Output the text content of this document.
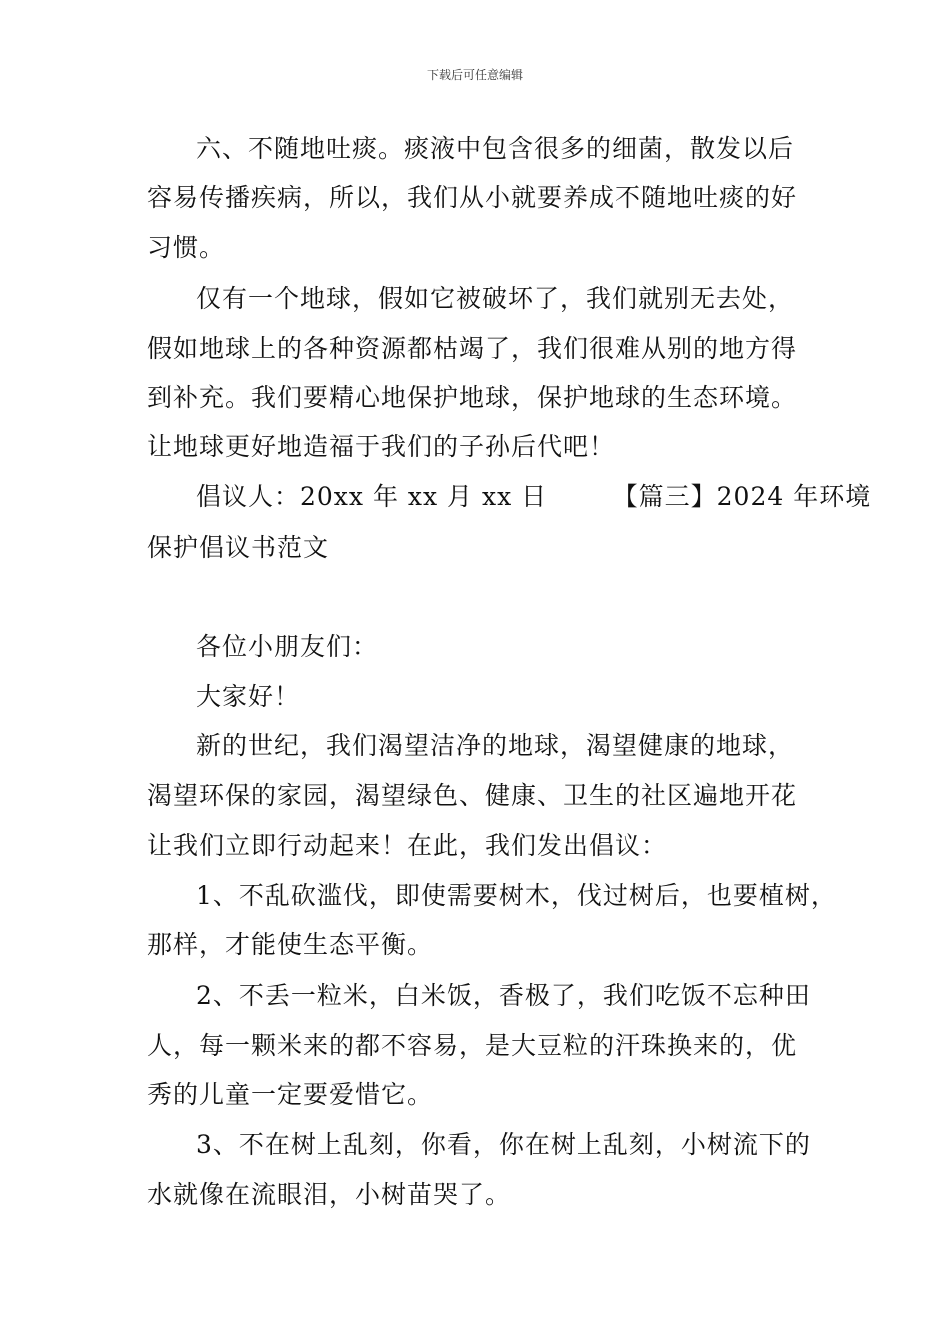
下载后可任意编辑
六、不随地吐痰。痰液中包含很多的细菌，散发以后
容易传播疾病，所以，我们从小就要养成不随地吐痰的好
习惯。
仅有一个地球，假如它被破坏了，我们就别无去处，
假如地球上的各种资源都枯竭了，我们很难从别的地方得
到补充。我们要精心地保护地球，保护地球的生态环境。
让地球更好地造福于我们的子孙后代吧！
倡议人：20xx 年 xx 月 xx 日　　　【篇三】2024 年环境
保护倡议书范文
各位小朋友们：
大家好！
新的世纪，我们渴望洁净的地球，渴望健康的地球，
渴望环保的家园，渴望绿色、健康、卫生的社区遍地开花
让我们立即行动起来！在此，我们发出倡议：
1、不乱砍滥伐，即使需要树木，伐过树后，也要植树，
那样，才能使生态平衡。
2、不丢一粒米，白米饭，香极了，我们吃饭不忘种田
人，每一颗米来的都不容易，是大豆粒的汗珠换来的，优
秀的儿童一定要爱惜它。
3、不在树上乱刻，你看，你在树上乱刻，小树流下的
水就像在流眼泪，小树苗哭了。
